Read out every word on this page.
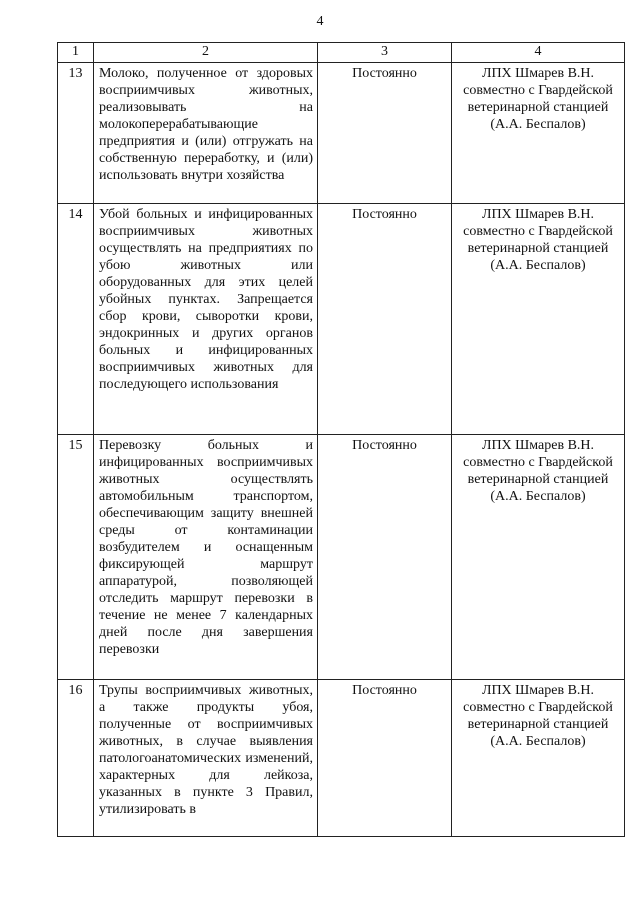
4
1	2	3	4
13	Молоко, полученное от здоровых восприимчивых животных, реализовывать на молокоперерабатывающие предприятия и (или) отгружать на собственную переработку, и (или) использовать внутри хозяйства	Постоянно	ЛПХ Шмарев В.Н. совместно с Гвардейской ветеринарной станцией (А.А. Беспалов)
14	Убой больных и инфицированных восприимчивых животных осуществлять на предприятиях по убою животных или оборудованных для этих целей убойных пунктах. Запрещается сбор крови, сыворотки крови, эндокринных и других органов больных и инфицированных восприимчивых животных для последующего использования	Постоянно	ЛПХ Шмарев В.Н. совместно с Гвардейской ветеринарной станцией (А.А. Беспалов)
15	Перевозку больных и инфицированных восприимчивых животных осуществлять автомобильным транспортом, обеспечивающим защиту внешней среды от контаминации возбудителем и оснащенным фиксирующей маршрут аппаратурой, позволяющей отследить маршрут перевозки в течение не менее 7 календарных дней после дня завершения перевозки	Постоянно	ЛПХ Шмарев В.Н. совместно с Гвардейской ветеринарной станцией (А.А. Беспалов)
16	Трупы восприимчивых животных, а также продукты убоя, полученные от восприимчивых животных, в случае выявления патологоанатомических изменений, характерных для лейкоза, указанных в пункте 3 Правил, утилизировать в	Постоянно	ЛПХ Шмарев В.Н. совместно с Гвардейской ветеринарной станцией (А.А. Беспалов)
